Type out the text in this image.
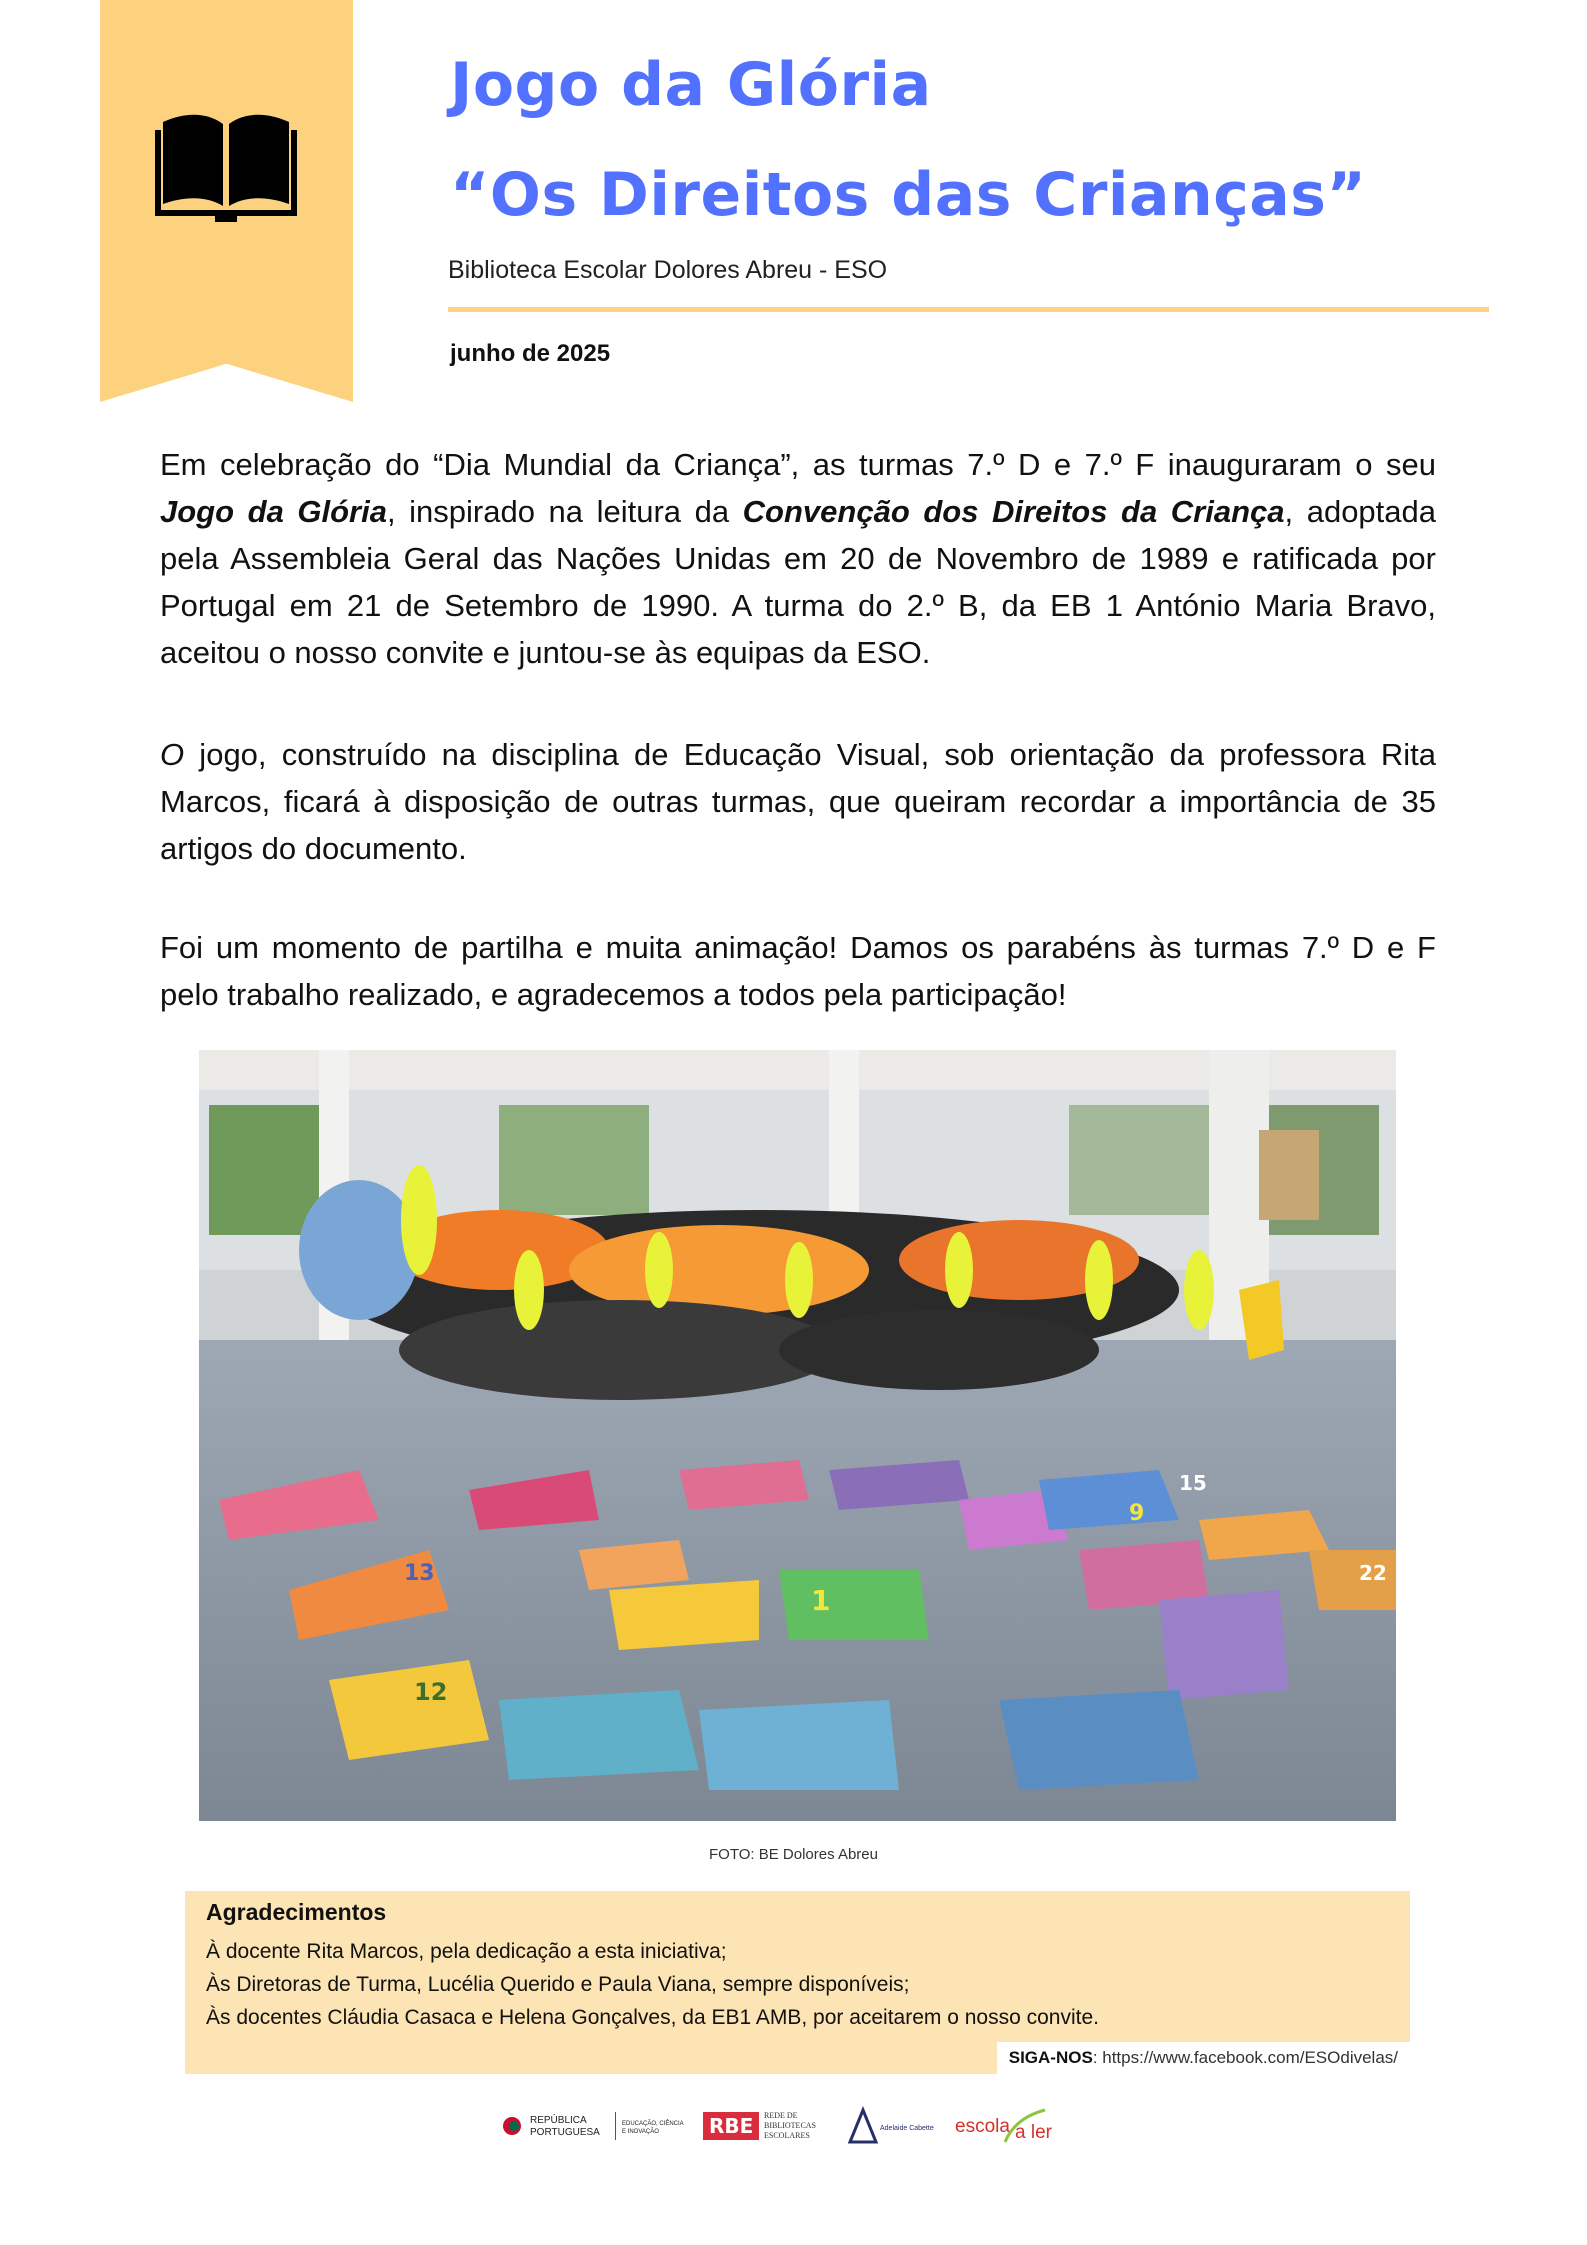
Jogo da Glória
“Os Direitos das Crianças”
Biblioteca Escolar Dolores Abreu - ESO
junho de 2025

Em celebração do “Dia Mundial da Criança”, as turmas 7.º D e 7.º F inauguraram o seu Jogo da Glória, inspirado na leitura da Convenção dos Direitos da Criança, adoptada pela Assembleia Geral das Nações Unidas em 20 de Novembro de 1989 e ratificada por Portugal em 21 de Setembro de 1990. A turma do 2.º B, da EB 1 António Maria Bravo, aceitou o nosso convite e juntou-se às equipas da ESO.

O jogo, construído na disciplina de Educação Visual, sob orientação da professora Rita Marcos, ficará à disposição de outras turmas, que queiram recordar a importância de 35 artigos do documento.

Foi um momento de partilha e muita animação! Damos os parabéns às turmas 7.º D e F pelo trabalho realizado, e agradecemos a todos pela participação!

1
12
13
9
15
22
FOTO: BE Dolores Abreu
Agradecimentos
À docente Rita Marcos, pela dedicação a esta iniciativa;
Às Diretoras de Turma, Lucélia Querido e Paula Viana, sempre disponíveis;
Às docentes Cláudia Casaca e Helena Gonçalves, da EB1 AMB, por aceitarem o nosso convite.
SIGA-NOS: https://www.facebook.com/ESOdivelas/
REPÚBLICA
PORTUGUESA
EDUCAÇÃO, CIÊNCIA
E INOVAÇÃO	RBE REDE DE
BIBLIOTECAS
ESCOLARES
Adelaide Cabette escola a ler
